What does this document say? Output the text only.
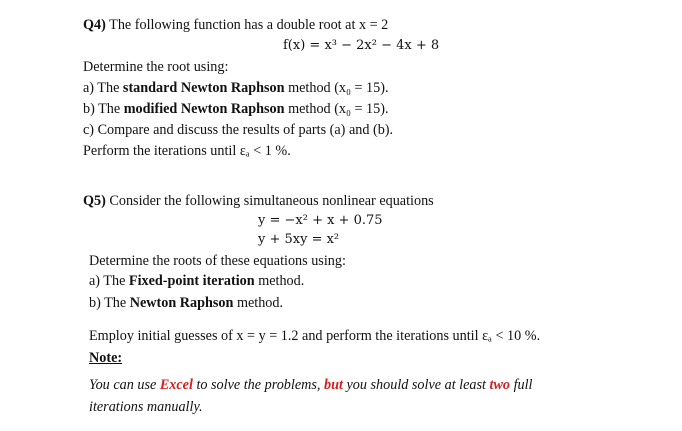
Q4) The following function has a double root at x = 2
f(x) = x³ − 2x² − 4x + 8
Determine the root using:
a) The standard Newton Raphson method (x₀ = 15).
b) The modified Newton Raphson method (x₀ = 15).
c) Compare and discuss the results of parts (a) and (b).
Perform the iterations until εₐ < 1 %.
Q5) Consider the following simultaneous nonlinear equations
y = −x² + x + 0.75
y + 5xy = x²
Determine the roots of these equations using:
a) The Fixed-point iteration method.
b) The Newton Raphson method.
Employ initial guesses of x = y = 1.2 and perform the iterations until εₐ < 10 %.
Note:
You can use Excel to solve the problems, but you should solve at least two full
iterations manually.
